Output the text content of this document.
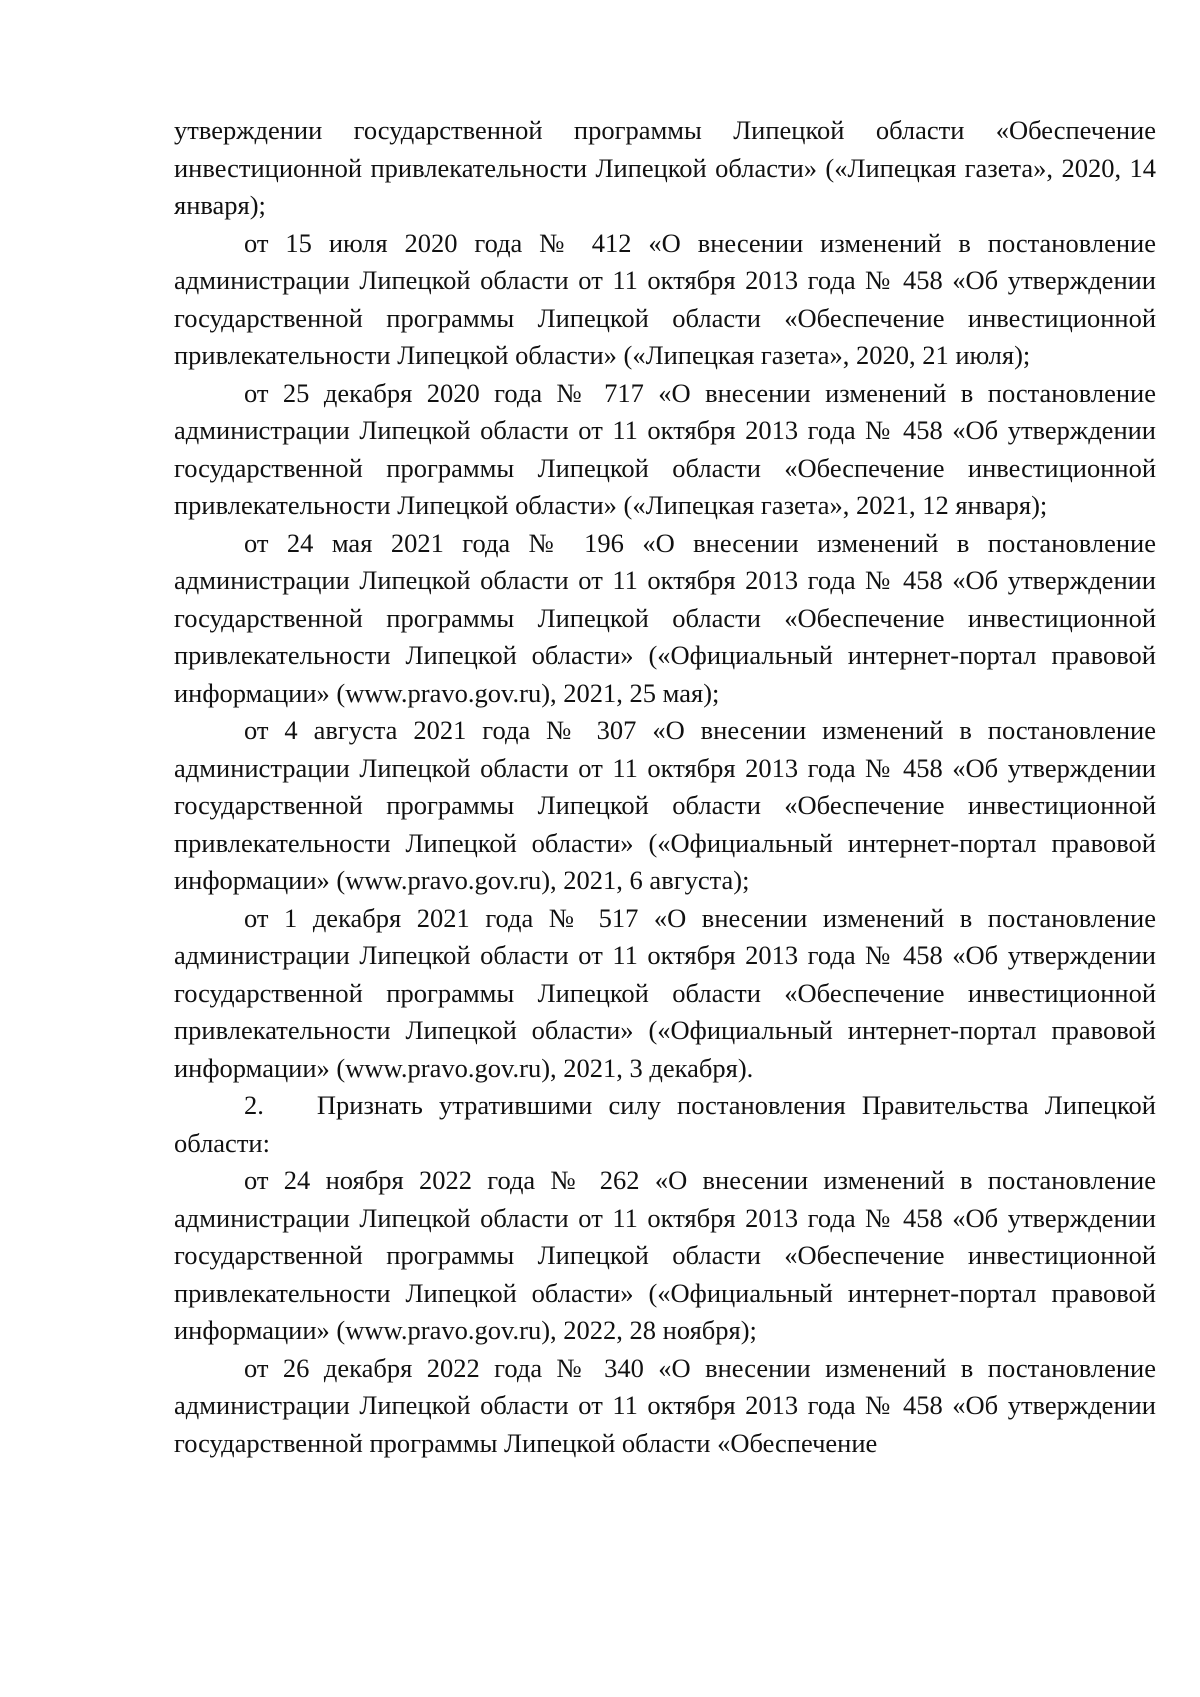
утверждении государственной программы Липецкой области «Обеспечение инвестиционной привлекательности Липецкой области» («Липецкая газета», 2020, 14 января);

от 15 июля 2020 года № 412 «О внесении изменений в постановление администрации Липецкой области от 11 октября 2013 года № 458 «Об утверждении государственной программы Липецкой области «Обеспечение инвестиционной привлекательности Липецкой области» («Липецкая газета», 2020, 21 июля);

от 25 декабря 2020 года № 717 «О внесении изменений в постановление администрации Липецкой области от 11 октября 2013 года № 458 «Об утверждении государственной программы Липецкой области «Обеспечение инвестиционной привлекательности Липецкой области» («Липецкая газета», 2021, 12 января);

от 24 мая 2021 года № 196 «О внесении изменений в постановление администрации Липецкой области от 11 октября 2013 года № 458 «Об утверждении государственной программы Липецкой области «Обеспечение инвестиционной привлекательности Липецкой области» («Официальный интернет-портал правовой информации» (www.pravo.gov.ru), 2021, 25 мая);

от 4 августа 2021 года № 307 «О внесении изменений в постановление администрации Липецкой области от 11 октября 2013 года № 458 «Об утверждении государственной программы Липецкой области «Обеспечение инвестиционной привлекательности Липецкой области» («Официальный интернет-портал правовой информации» (www.pravo.gov.ru), 2021, 6 августа);

от 1 декабря 2021 года № 517 «О внесении изменений в постановление администрации Липецкой области от 11 октября 2013 года № 458 «Об утверждении государственной программы Липецкой области «Обеспечение инвестиционной привлекательности Липецкой области» («Официальный интернет-портал правовой информации» (www.pravo.gov.ru), 2021, 3 декабря).

2.  Признать утратившими силу постановления Правительства Липецкой области:

от 24 ноября 2022 года № 262 «О внесении изменений в постановление администрации Липецкой области от 11 октября 2013 года № 458 «Об утверждении государственной программы Липецкой области «Обеспечение инвестиционной привлекательности Липецкой области» («Официальный интернет-портал правовой информации» (www.pravo.gov.ru), 2022, 28 ноября);

от 26 декабря 2022 года № 340 «О внесении изменений в постановление администрации Липецкой области от 11 октября 2013 года № 458 «Об утверждении государственной программы Липецкой области «Обеспечение
